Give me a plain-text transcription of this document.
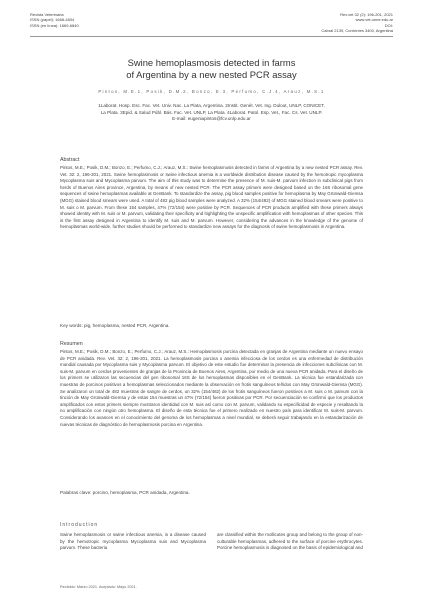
Revista Veterinaria
ISSN (papel): 1668-4834
ISSN (en línea): 1669-6840
Rev.vet 32 (2): 196-201, 2021
www.vet.unne.edu.ar
DOI:
Cabral 2139, Corrientes 3400, Argentina
Swine hemoplasmosis detected in farms
of Argentina by a new nested PCR assay
Pintos, M.E.1, Posik, D.M.2, Bonzo, E.3, Perfumo, C.J.4, Arauz, M.S.1
1Laborat. Hosp. Esc. Fac. Vet. Univ. Nac. La Plata, Argentina. 2Instit. Genét. Vet. Ing. Dulout, UNLP, CONICET,
La Plata. 3Epid. & Salud Públ. Bás. Fac. Vet. UNLP, La Plata. 4Laborat. Patol. Esp. Vet., Fac. Cs. Vet. UNLP.
E-mail: eugeniapintos@fcv.unlp.edu.ar
Abstract
Pintos, M.E.; Posik, D.M.; Bonzo, E.; Perfumo, C.J.; Arauz, M.S.: Swine hemoplasmosis detected in farms of Argentina by a new nested PCR assay. Rev. Vet. 32: 2, 196-201, 2021. Swine hemoplasmosis or swine infectious anemia is a worldwide distribution disease caused by the hemotropic mycoplasma Mycoplasma suis and Mycoplasma parvum. The aim of this study was to determine the presence of M. suis-M. parvum infection in subclinical pigs from herds of Buenos Aires province, Argentina, by means of new nested PCR. The PCR assay primers were designed based on the 16S ribosomal gene sequences of swine hemoplasmas available at GenBank. To standardize the assay, pig blood samples positive for hemoplasma by May Grünwald-Giemsa (MGG) stained blood smears were used. A total of 482 pig blood samples were analyzed. A 32% (154/482) of MGG stained blood smears were positive to M. suis o M. parvum. From these 154 samples, 47% (72/154) were positive by PCR. Sequences of PCR products amplified with these primers always showed identity with M. suis or M. parvum, validating their specificity and highlighting the unspecific amplification with hemoplasmas of other species. This is the first assay designed in Argentina to identify M. suis and M. parvum. However, considering the advances in the knowledge of the genome of hemoplasmas world-wide, further studies should be performed to standardize new assays for the diagnosis of swine hemoplasmosis in Argentina.
Key words: pig, hemoplasma, nested PCR, Argentina.
Resumen
Pintos, M.E.; Posik, D.M.; Bonzo, E.; Perfumo, C.J.; Arauz, M.S.: Hemoplasmosis porcina detectada en granjas de Argentina mediante un nuevo ensayo de PCR anidada. Rev. Vet. 32: 2, 196-201, 2021. La hemoplasmosis porcina o anemia infecciosa de los cerdos es una enfermedad de distribución mundial causada por Mycoplasma suis y Mycoplasma parvum. El objetivo de este estudio fue determinar la presencia de infecciones subclínicas con M. suis-M. parvum en cerdos provenientes de granjas de la Provincia de Buenos Aires, Argentina, por medio de una nueva PCR anidada. Para el diseño de los primers se utilizaron las secuencias del gen ribosomal 16S de los hemoplasmas disponibles en el GenBank. La técnica fue estandarizada con muestras de porcinos positivos a hemoplasmas seleccionados mediante la observación en frotis sanguíneos teñidos con May Grünwald-Giemsa (MGG). Se analizaron un total de 482 muestras de sangre de cerdos, un 32% (154/482) de los frotis sanguíneos fueron positivos a M. suis o M. parvum con la tinción de May Grünwald-Giemsa y de estas 154 muestras un 47% (72/154) fueron positivas por PCR. Por secuenciación se confirmó que los productos amplificados con estos primers siempre mostraron identidad con M. suis así como con M. parvum, validando su especificidad de especie y resaltando la no amplificación con ningún otro hemoplasma. El diseño de esta técnica fue el primero realizado en nuestro país para identificar M. suis-M. parvum. Considerando los avances en el conocimiento del genoma de los hemoplasmas a nivel mundial, se deberá seguir trabajando en la estandarización de nuevas técnicas de diagnóstico de hemoplasmosis porcina en Argentina.
Palabras clave: porcino, hemoplasma, PCR anidada, Argentina.
Introduction
Swine hemoplasmosis or swine infectious anemia, is a disease caused by the hemotropic mycoplasma Mycoplasma suis and Mycoplasma parvum. These bacteria
are classified within the mollicutes group and belong to the group of non-culturable hemoplasmas, adhered to the surface of porcine erythrocytes. Porcine hemoplasmosis is diagnosed on the basis of epidemiological and
Recibido: Marzo 2021. Aceptado: Mayo 2021.
